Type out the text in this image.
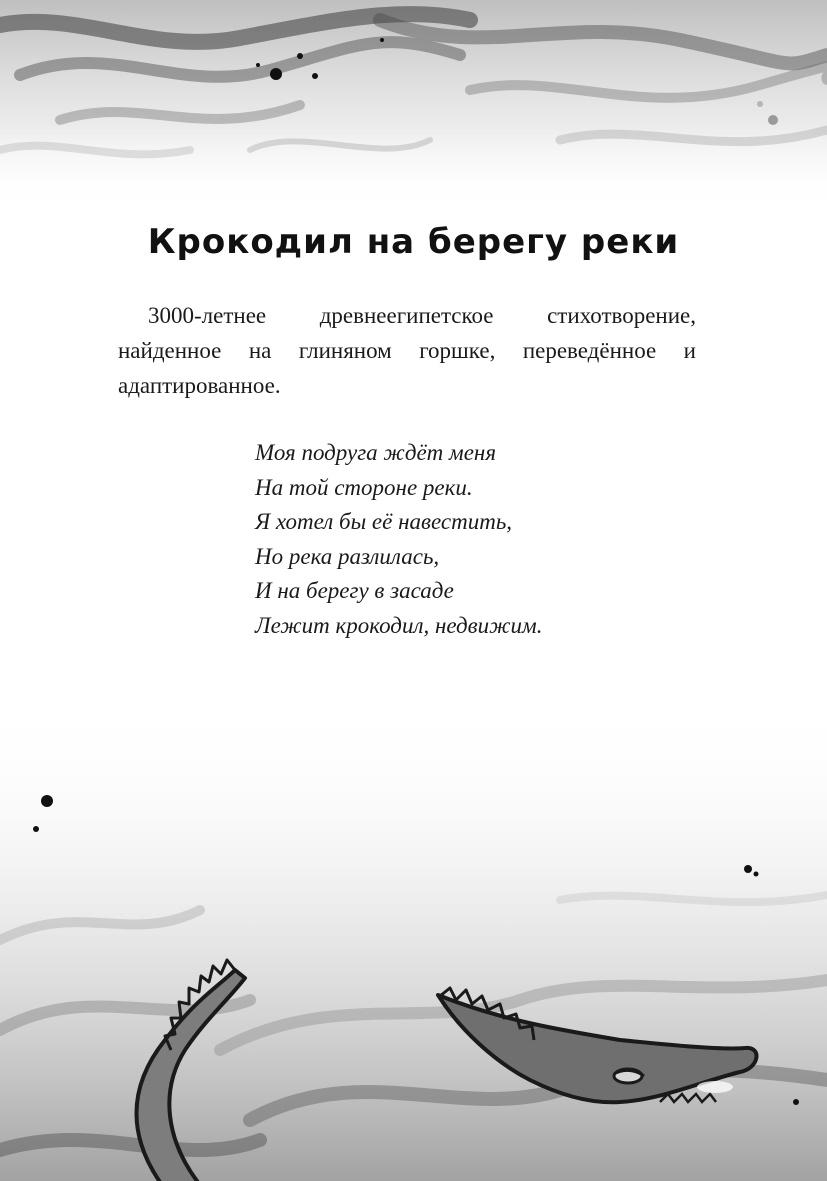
Крокодил на берегу реки

3000-летнее древнеегипетское стихотворение, найденное на глиняном горшке, переведённое и адаптированное.

Моя подруга ждёт меня
На той стороне реки.
Я хотел бы её навестить,
Но река разлилась,
И на берегу в засаде
Лежит крокодил, недвижим.
